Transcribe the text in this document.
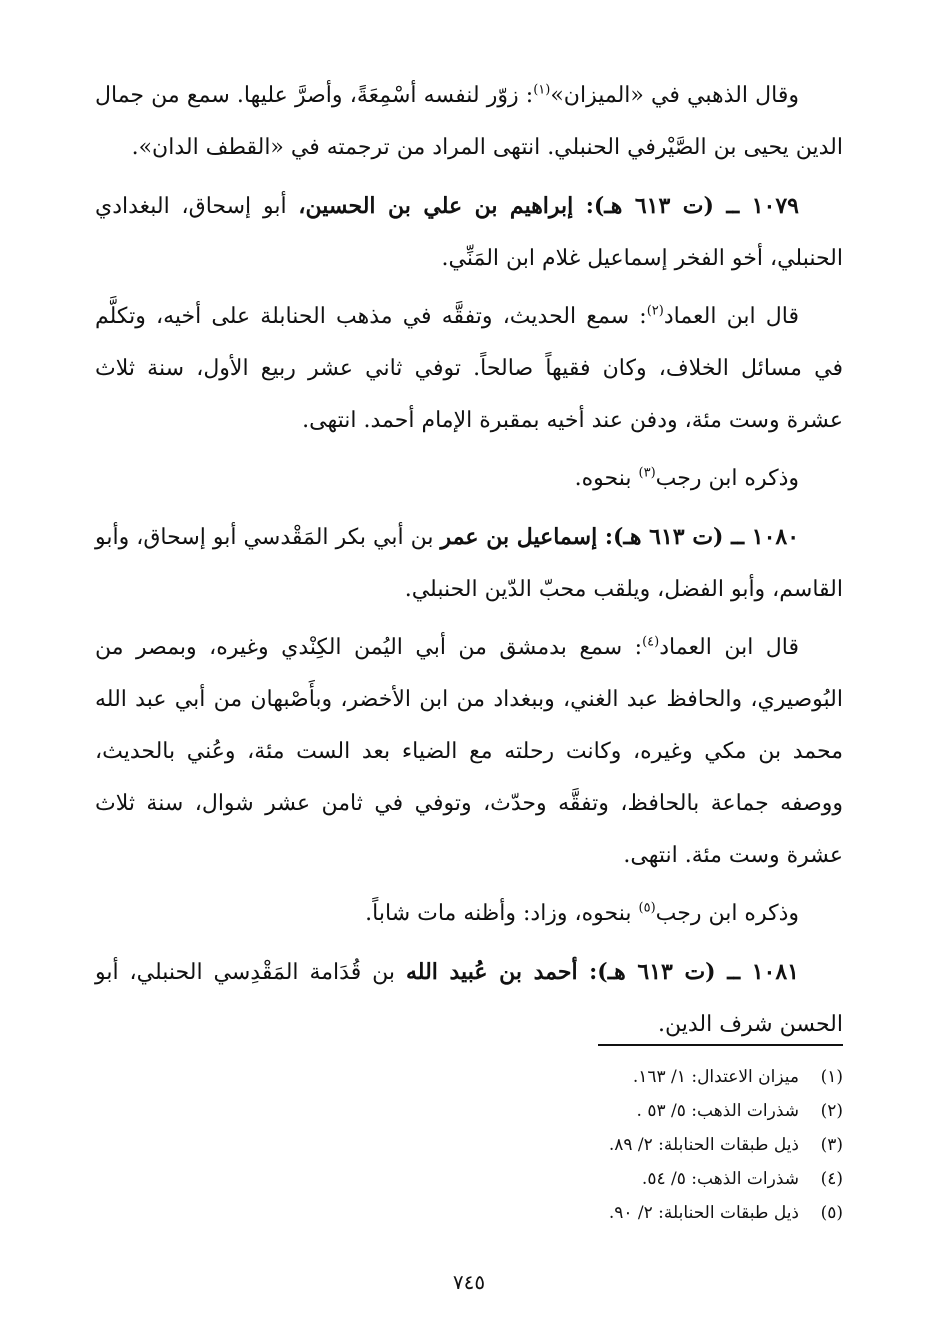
وقال الذهبي في «الميزان»$^{(١)}$: زوّر لنفسه أسْمِعَةً، وأصرَّ عليها. سمع من جمال الدين يحيى بن الصَّيْرفي الحنبلي. انتهى المراد من ترجمته في «القطف الدان».

١٠٧٩ ــ (ت ٦١٣ هـ): إبراهيم بن علي بن الحسين، أبو إسحاق، البغدادي الحنبلي، أخو الفخر إسماعيل غلام ابن المَنِّي.

قال ابن العماد$^{(٢)}$: سمع الحديث، وتفقَّه في مذهب الحنابلة على أخيه، وتكلَّم في مسائل الخلاف، وكان فقيهاً صالحاً. توفي ثاني عشر ربيع الأول، سنة ثلاث عشرة وست مئة، ودفن عند أخيه بمقبرة الإمام أحمد. انتهى.

وذكره ابن رجب$^{(٣)}$ بنحوه.

١٠٨٠ ــ (ت ٦١٣ هـ): إسماعيل بن عمر بن أبي بكر المَقْدسي أبو إسحاق، وأبو القاسم، وأبو الفضل، ويلقب محبّ الدّين الحنبلي.

قال ابن العماد$^{(٤)}$: سمع بدمشق من أبي اليُمن الكِنْدي وغيره، وبمصر من البُوصيري، والحافظ عبد الغني، وببغداد من ابن الأخضر، وبأَصْبهان من أبي عبد الله محمد بن مكي وغيره، وكانت رحلته مع الضياء بعد الست مئة، وعُني بالحديث، ووصفه جماعة بالحافظ، وتفقَّه وحدّث، وتوفي في ثامن عشر شوال، سنة ثلاث عشرة وست مئة. انتهى.

وذكره ابن رجب$^{(٥)}$ بنحوه، وزاد: وأظنه مات شاباً.

١٠٨١ ــ (ت ٦١٣ هـ): أحمد بن عُبيد الله بن قُدَامة المَقْدِسي الحنبلي، أبو الحسن شرف الدين.

(١)ميزان الاعتدال: ١/ ١٦٣.
(٢)شذرات الذهب: ٥/ ٥٣ .
(٣)ذيل طبقات الحنابلة: ٢/ ٨٩.
(٤)شذرات الذهب: ٥/ ٥٤.
(٥)ذيل طبقات الحنابلة: ٢/ ٩٠.
٧٤٥
